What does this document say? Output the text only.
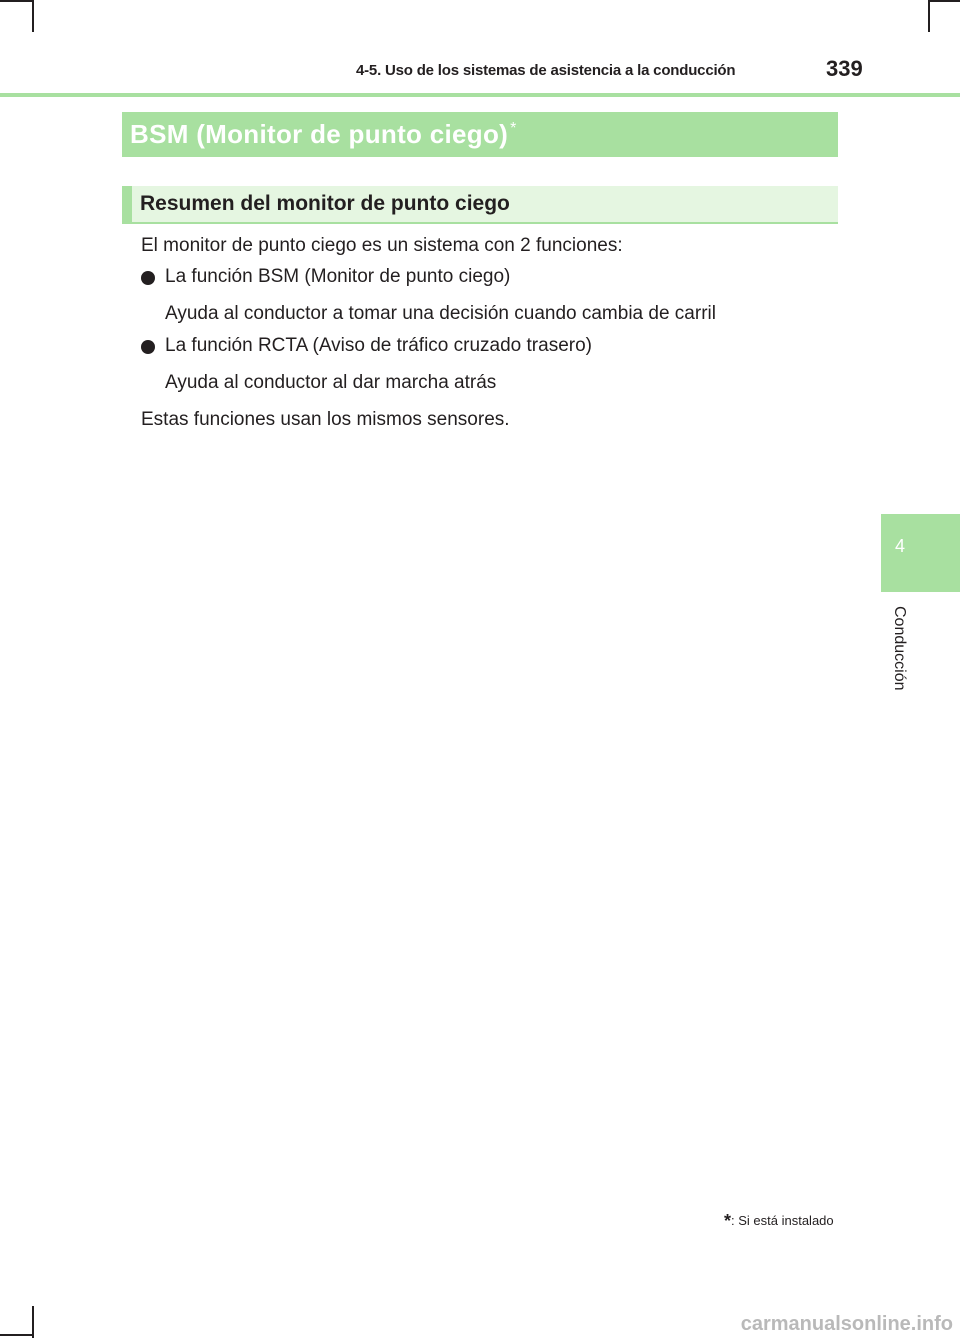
4-5. Uso de los sistemas de asistencia a la conducción	339
BSM (Monitor de punto ciego) *
Resumen del monitor de punto ciego
El monitor de punto ciego es un sistema con 2 funciones:
La función BSM (Monitor de punto ciego)
Ayuda al conductor a tomar una decisión cuando cambia de carril
La función RCTA (Aviso de tráfico cruzado trasero)
Ayuda al conductor al dar marcha atrás
Estas funciones usan los mismos sensores.
4
Conducción
*: Si está instalado
carmanualsonline.info
